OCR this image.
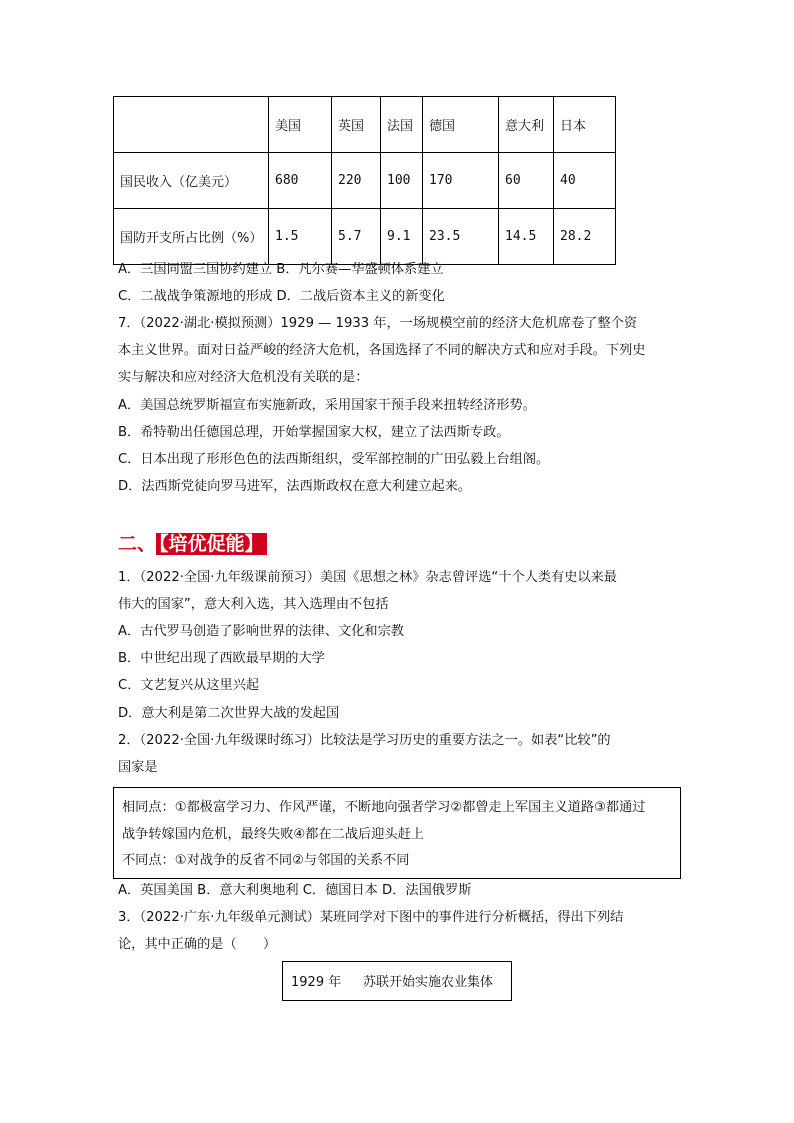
	美国	英国	法国	德国	意大利	日本
国民收入（亿美元）	680	220	100	170	60	40
国防开支所占比例（%）	1.5	5.7	9.1	23.5	14.5	28.2
A．三国同盟三国协约建立 B．凡尔赛—华盛顿体系建立
C．二战战争策源地的形成 D．二战后资本主义的新变化
7．（2022·湖北·模拟预测）1929 — 1933 年，一场规模空前的经济大危机席卷了整个资
本主义世界。面对日益严峻的经济大危机，各国选择了不同的解决方式和应对手段。下列史
实与解决和应对经济大危机没有关联的是：
A．美国总统罗斯福宣布实施新政，采用国家干预手段来扭转经济形势。
B．希特勒出任德国总理，开始掌握国家大权，建立了法西斯专政。
C．日本出现了形形色色的法西斯组织，受军部控制的广田弘毅上台组阁。
D．法西斯党徒向罗马进军，法西斯政权在意大利建立起来。
二、 【培优促能】
1．（2022·全国·九年级课前预习）美国《思想之林》杂志曾评选“十个人类有史以来最
伟大的国家”，意大利入选，其入选理由不包括
A．古代罗马创造了影响世界的法律、文化和宗教
B．中世纪出现了西欧最早期的大学
C．文艺复兴从这里兴起
D．意大利是第二次世界大战的发起国
2．（2022·全国·九年级课时练习）比较法是学习历史的重要方法之一。如表“比较”的
国家是
相同点：①都极富学习力、作风严谨，不断地向强者学习②都曾走上军国主义道路③都通过
战争转嫁国内危机，最终失败④都在二战后迎头赶上
不同点：①对战争的反省不同②与邻国的关系不同
A．英国美国 B．意大利奥地利 C．德国日本 D．法国俄罗斯
3．（2022·广东·九年级单元测试）某班同学对下图中的事件进行分析概括，得出下列结
论，其中正确的是（　　）
1929 年 苏联开始实施农业集体
